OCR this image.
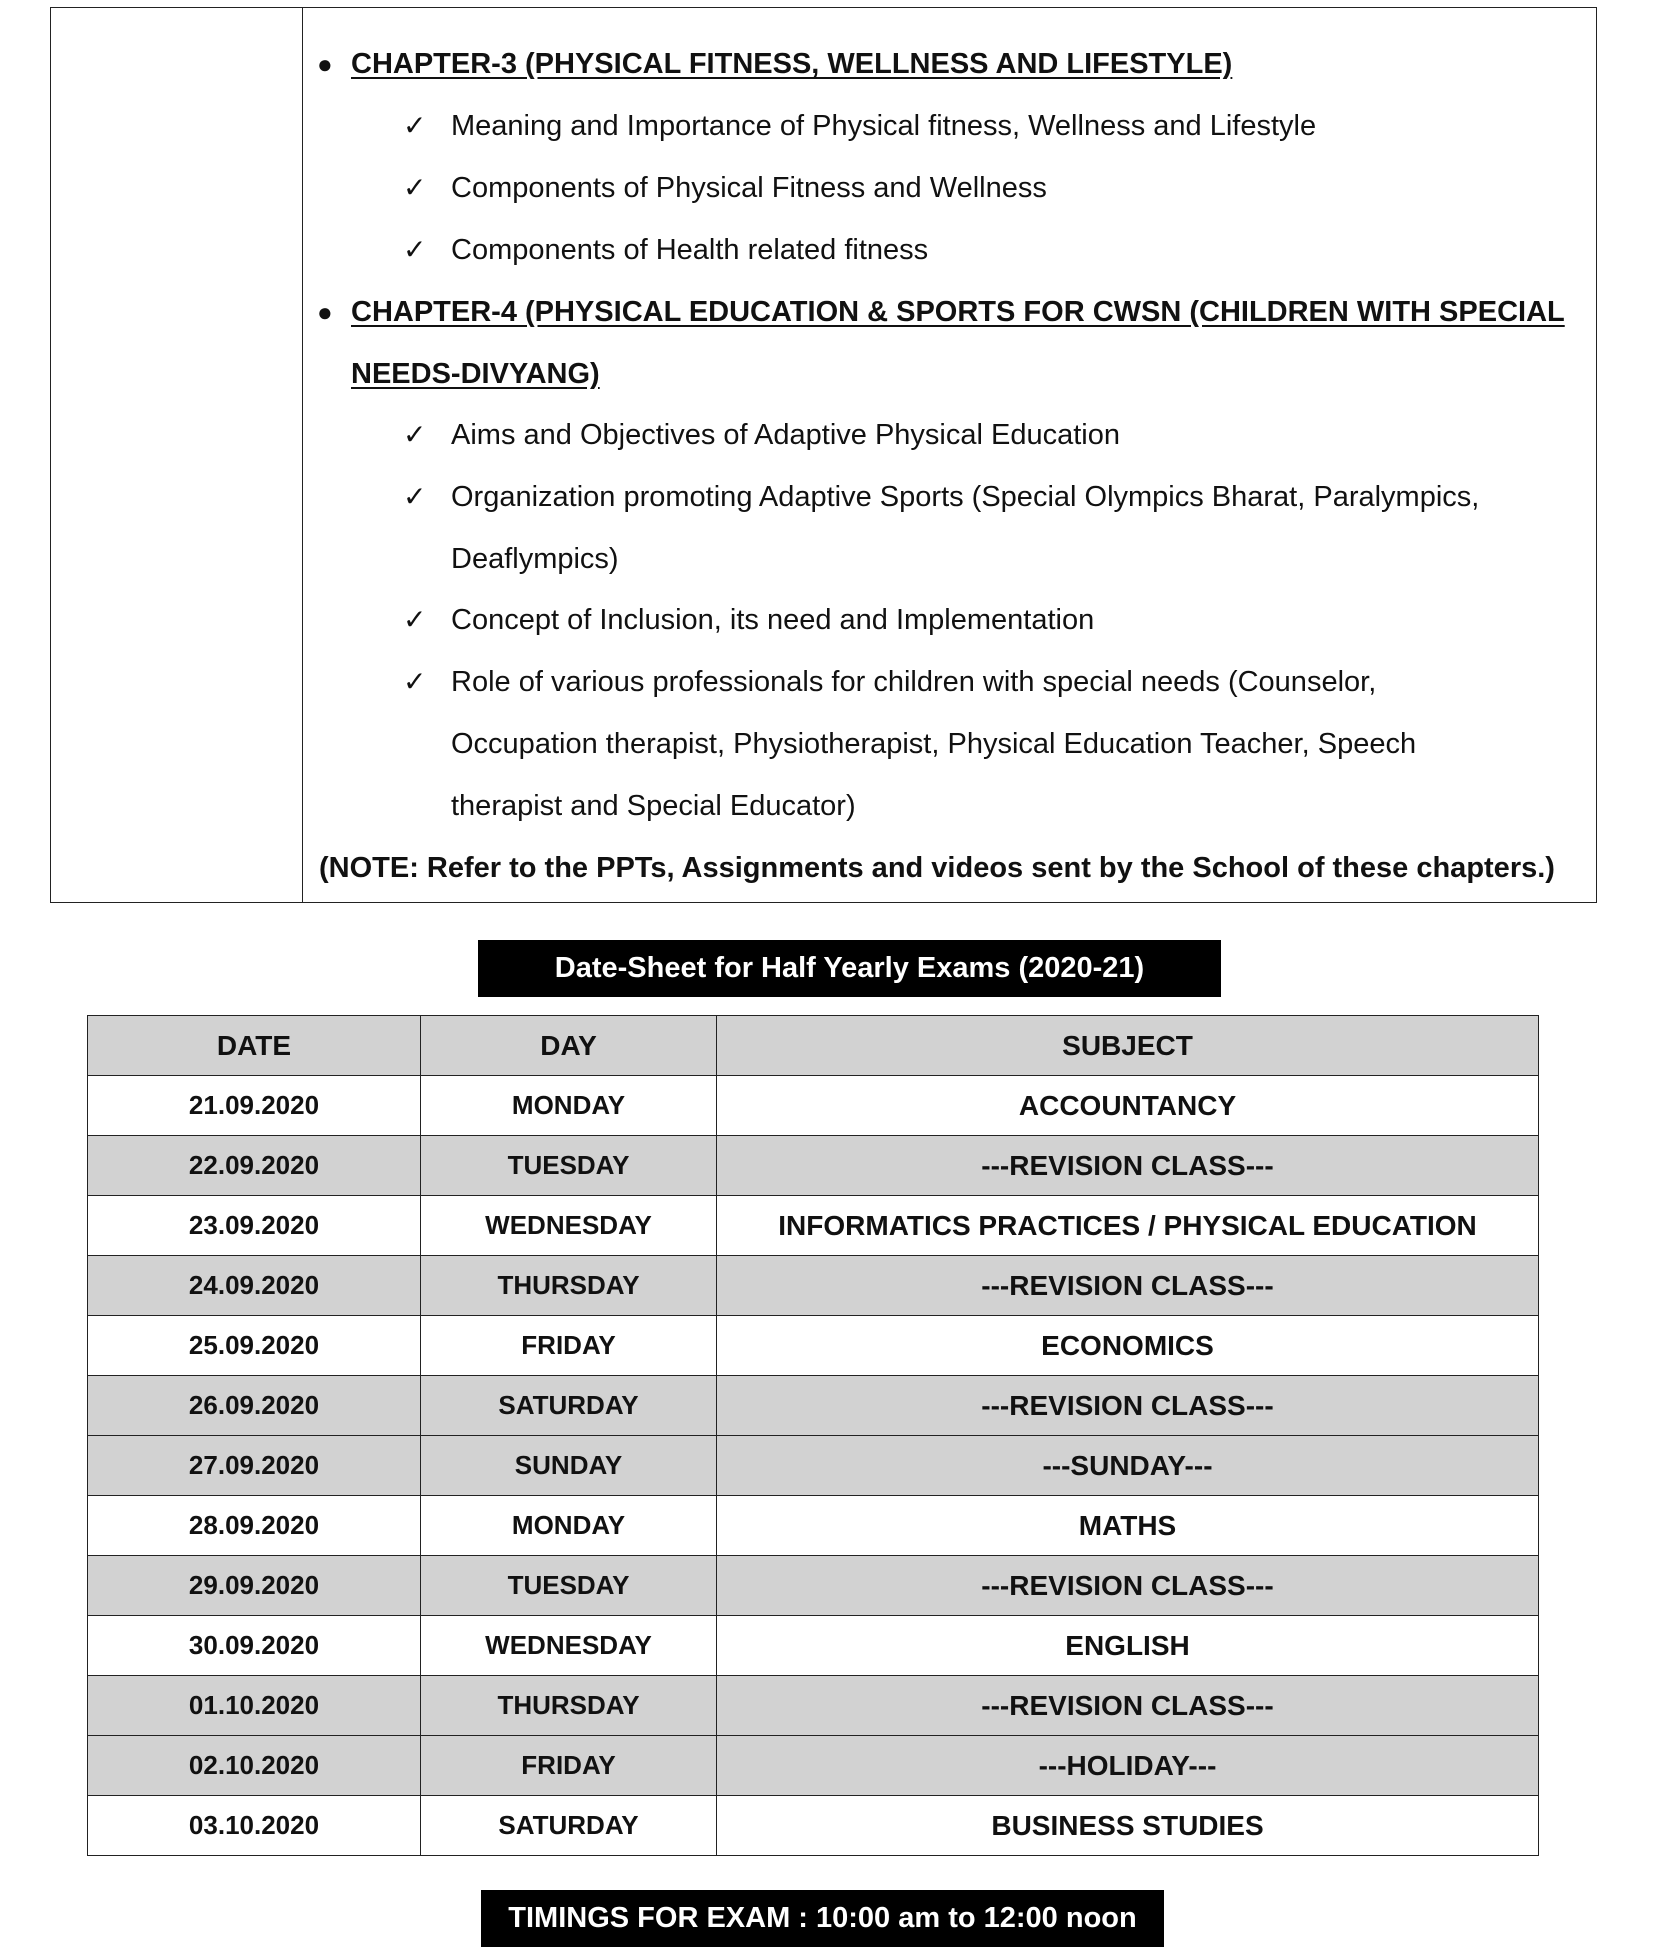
● CHAPTER-3 (PHYSICAL FITNESS, WELLNESS AND LIFESTYLE)
✓ Meaning and Importance of Physical fitness, Wellness and Lifestyle
✓ Components of Physical Fitness and Wellness
✓ Components of Health related fitness
● CHAPTER-4 (PHYSICAL EDUCATION & SPORTS FOR CWSN (CHILDREN WITH SPECIAL
NEEDS-DIVYANG)
✓ Aims and Objectives of Adaptive Physical Education
✓ Organization promoting Adaptive Sports (Special Olympics Bharat, Paralympics,
Deaflympics)
✓ Concept of Inclusion, its need and Implementation
✓ Role of various professionals for children with special needs (Counselor,
Occupation therapist, Physiotherapist, Physical Education Teacher, Speech
therapist and Special Educator)
(NOTE: Refer to the PPTs, Assignments and videos sent by the School of these chapters.)
Date-Sheet for Half Yearly Exams (2020-21)
DATE	DAY	SUBJECT
21.09.2020	MONDAY	ACCOUNTANCY
22.09.2020	TUESDAY	---REVISION CLASS---
23.09.2020	WEDNESDAY	INFORMATICS PRACTICES / PHYSICAL EDUCATION
24.09.2020	THURSDAY	---REVISION CLASS---
25.09.2020	FRIDAY	ECONOMICS
26.09.2020	SATURDAY	---REVISION CLASS---
27.09.2020	SUNDAY	---SUNDAY---
28.09.2020	MONDAY	MATHS
29.09.2020	TUESDAY	---REVISION CLASS---
30.09.2020	WEDNESDAY	ENGLISH
01.10.2020	THURSDAY	---REVISION CLASS---
02.10.2020	FRIDAY	---HOLIDAY---
03.10.2020	SATURDAY	BUSINESS STUDIES
TIMINGS FOR EXAM : 10:00 am to 12:00 noon
